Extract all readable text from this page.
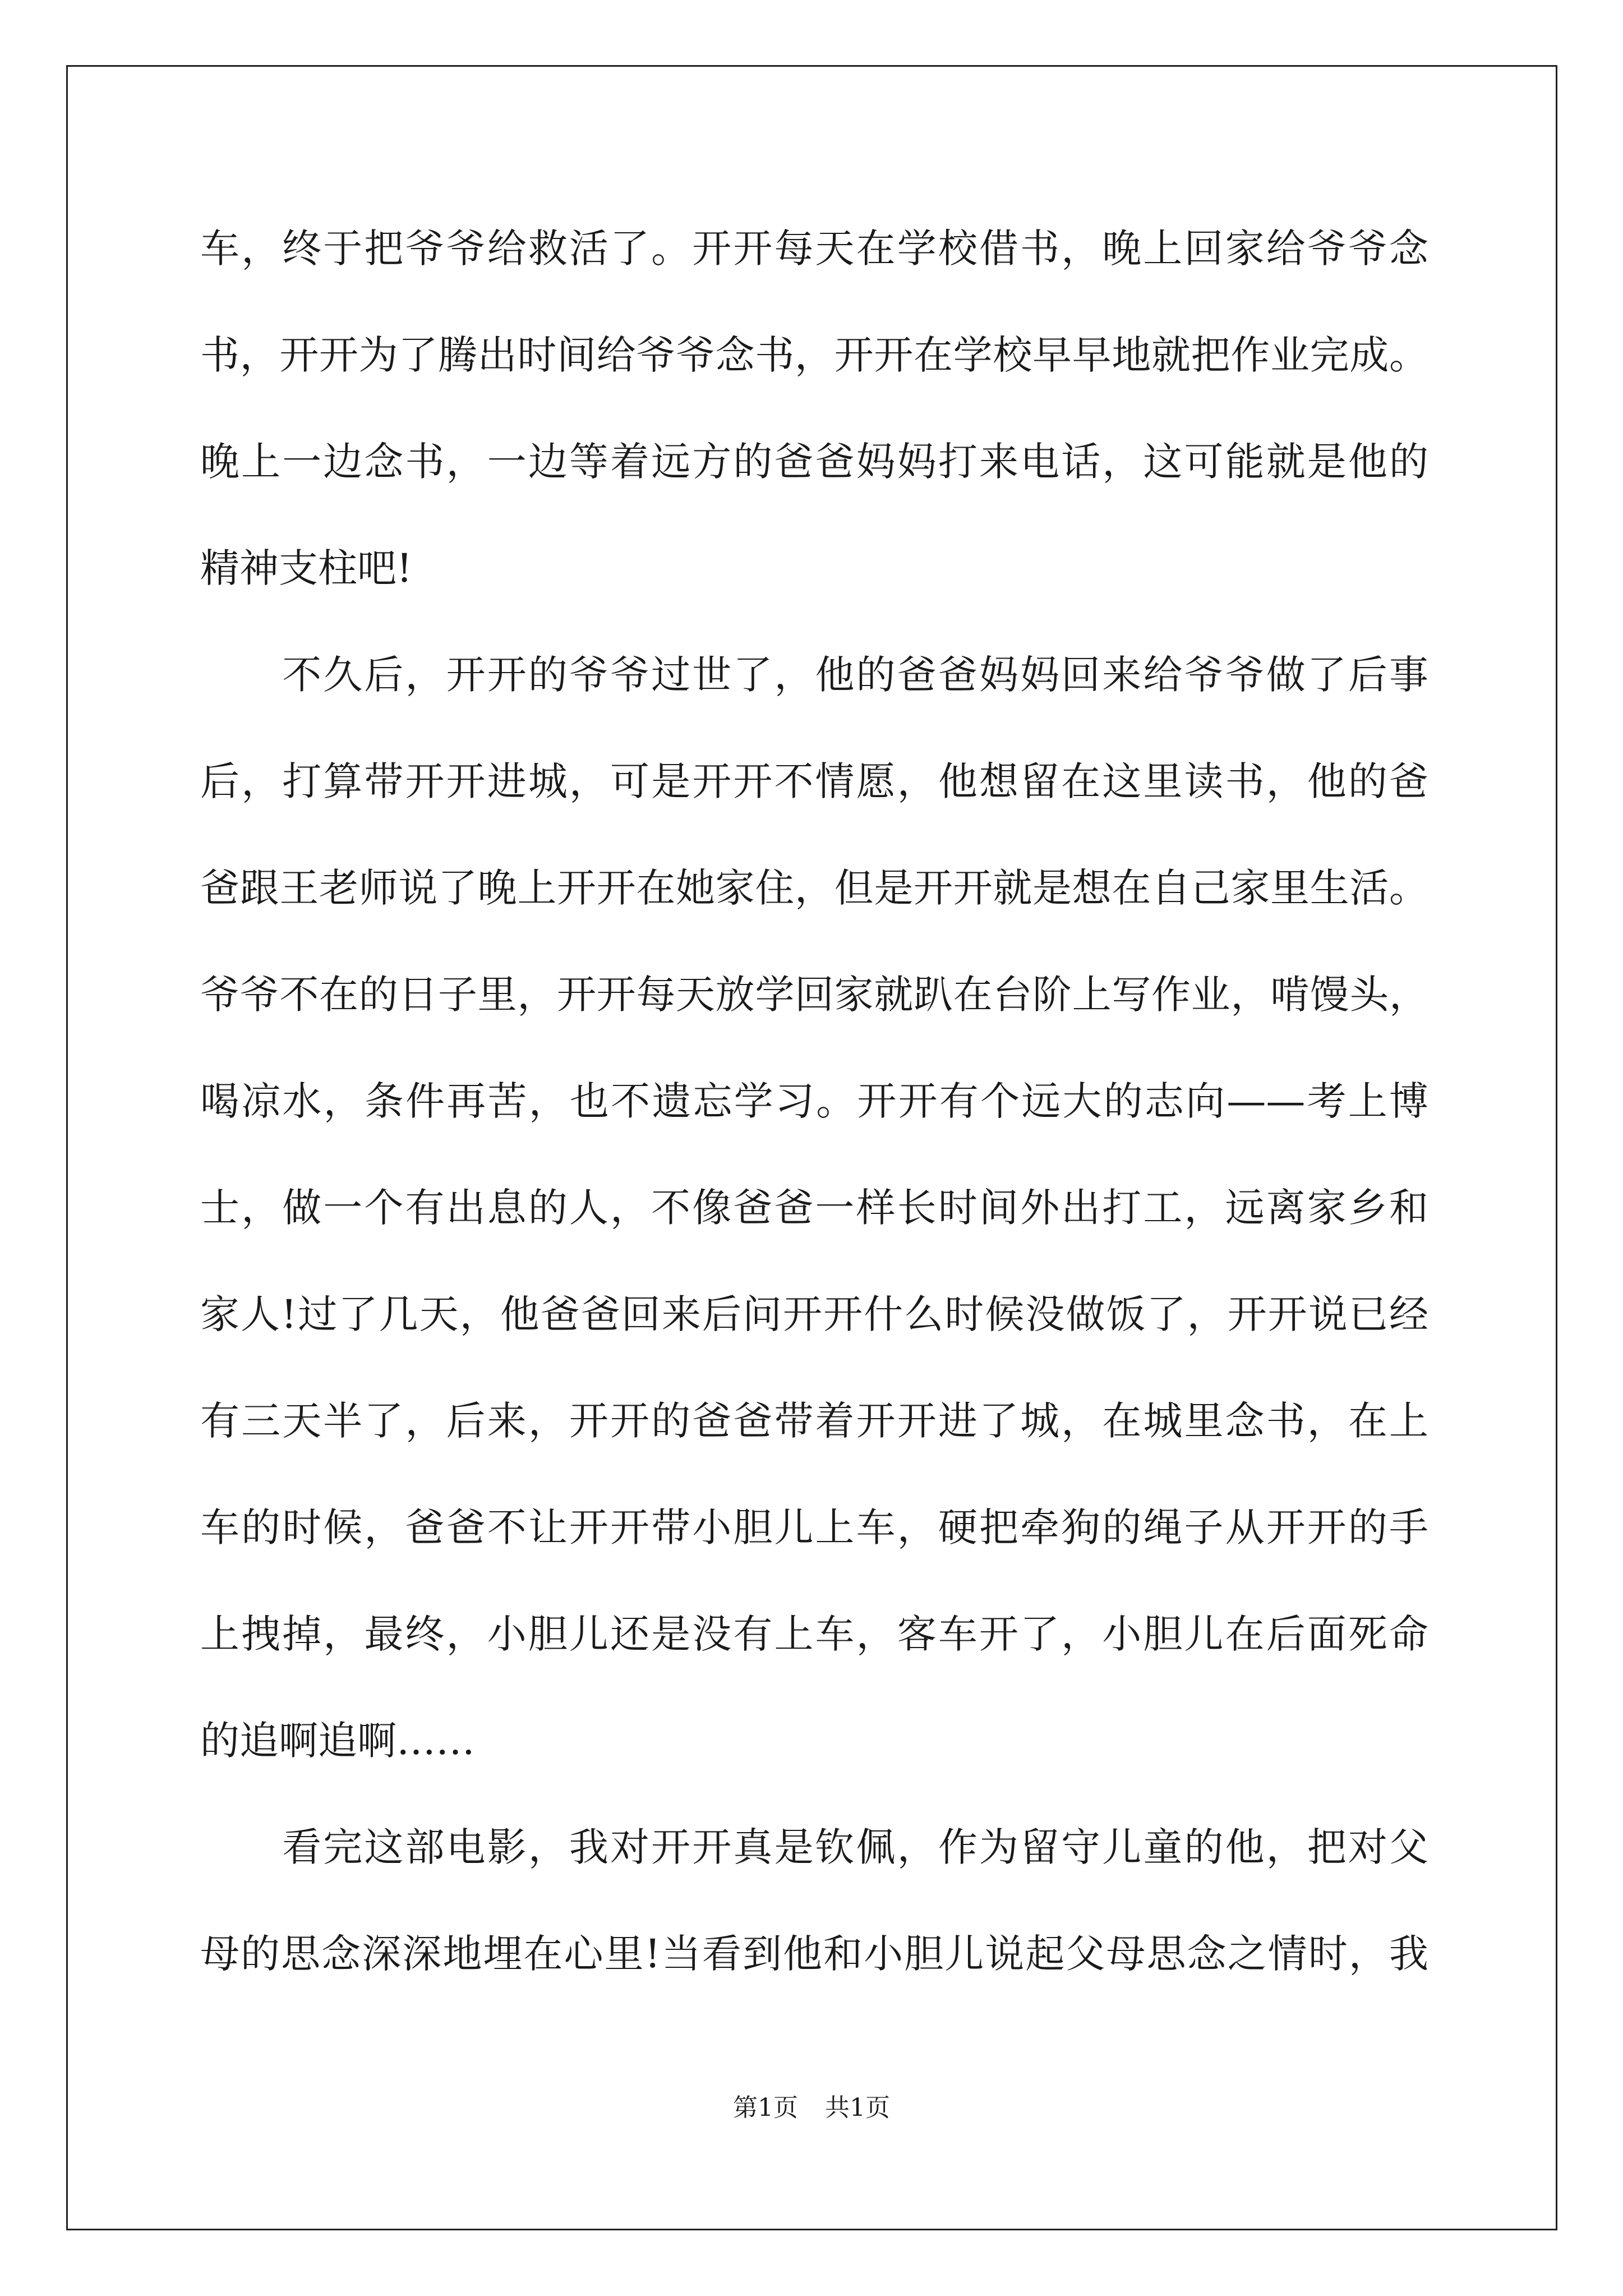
车，终于把爷爷给救活了。开开每天在学校借书，晚上回家给爷爷念
书，开开为了腾出时间给爷爷念书，开开在学校早早地就把作业完成。
晚上一边念书，一边等着远方的爸爸妈妈打来电话，这可能就是他的
精神支柱吧!
　　不久后，开开的爷爷过世了，他的爸爸妈妈回来给爷爷做了后事
后，打算带开开进城，可是开开不情愿，他想留在这里读书，他的爸
爸跟王老师说了晚上开开在她家住，但是开开就是想在自己家里生活。
爷爷不在的日子里，开开每天放学回家就趴在台阶上写作业，啃馒头，
喝凉水，条件再苦，也不遗忘学习。开开有个远大的志向——考上博
士，做一个有出息的人，不像爸爸一样长时间外出打工，远离家乡和
家人!过了几天，他爸爸回来后问开开什么时候没做饭了，开开说已经
有三天半了，后来，开开的爸爸带着开开进了城，在城里念书，在上
车的时候，爸爸不让开开带小胆儿上车，硬把牵狗的绳子从开开的手
上拽掉，最终，小胆儿还是没有上车，客车开了，小胆儿在后面死命
的追啊追啊……
　　看完这部电影，我对开开真是钦佩，作为留守儿童的他，把对父
母的思念深深地埋在心里!当看到他和小胆儿说起父母思念之情时，我
第1页 共1页
